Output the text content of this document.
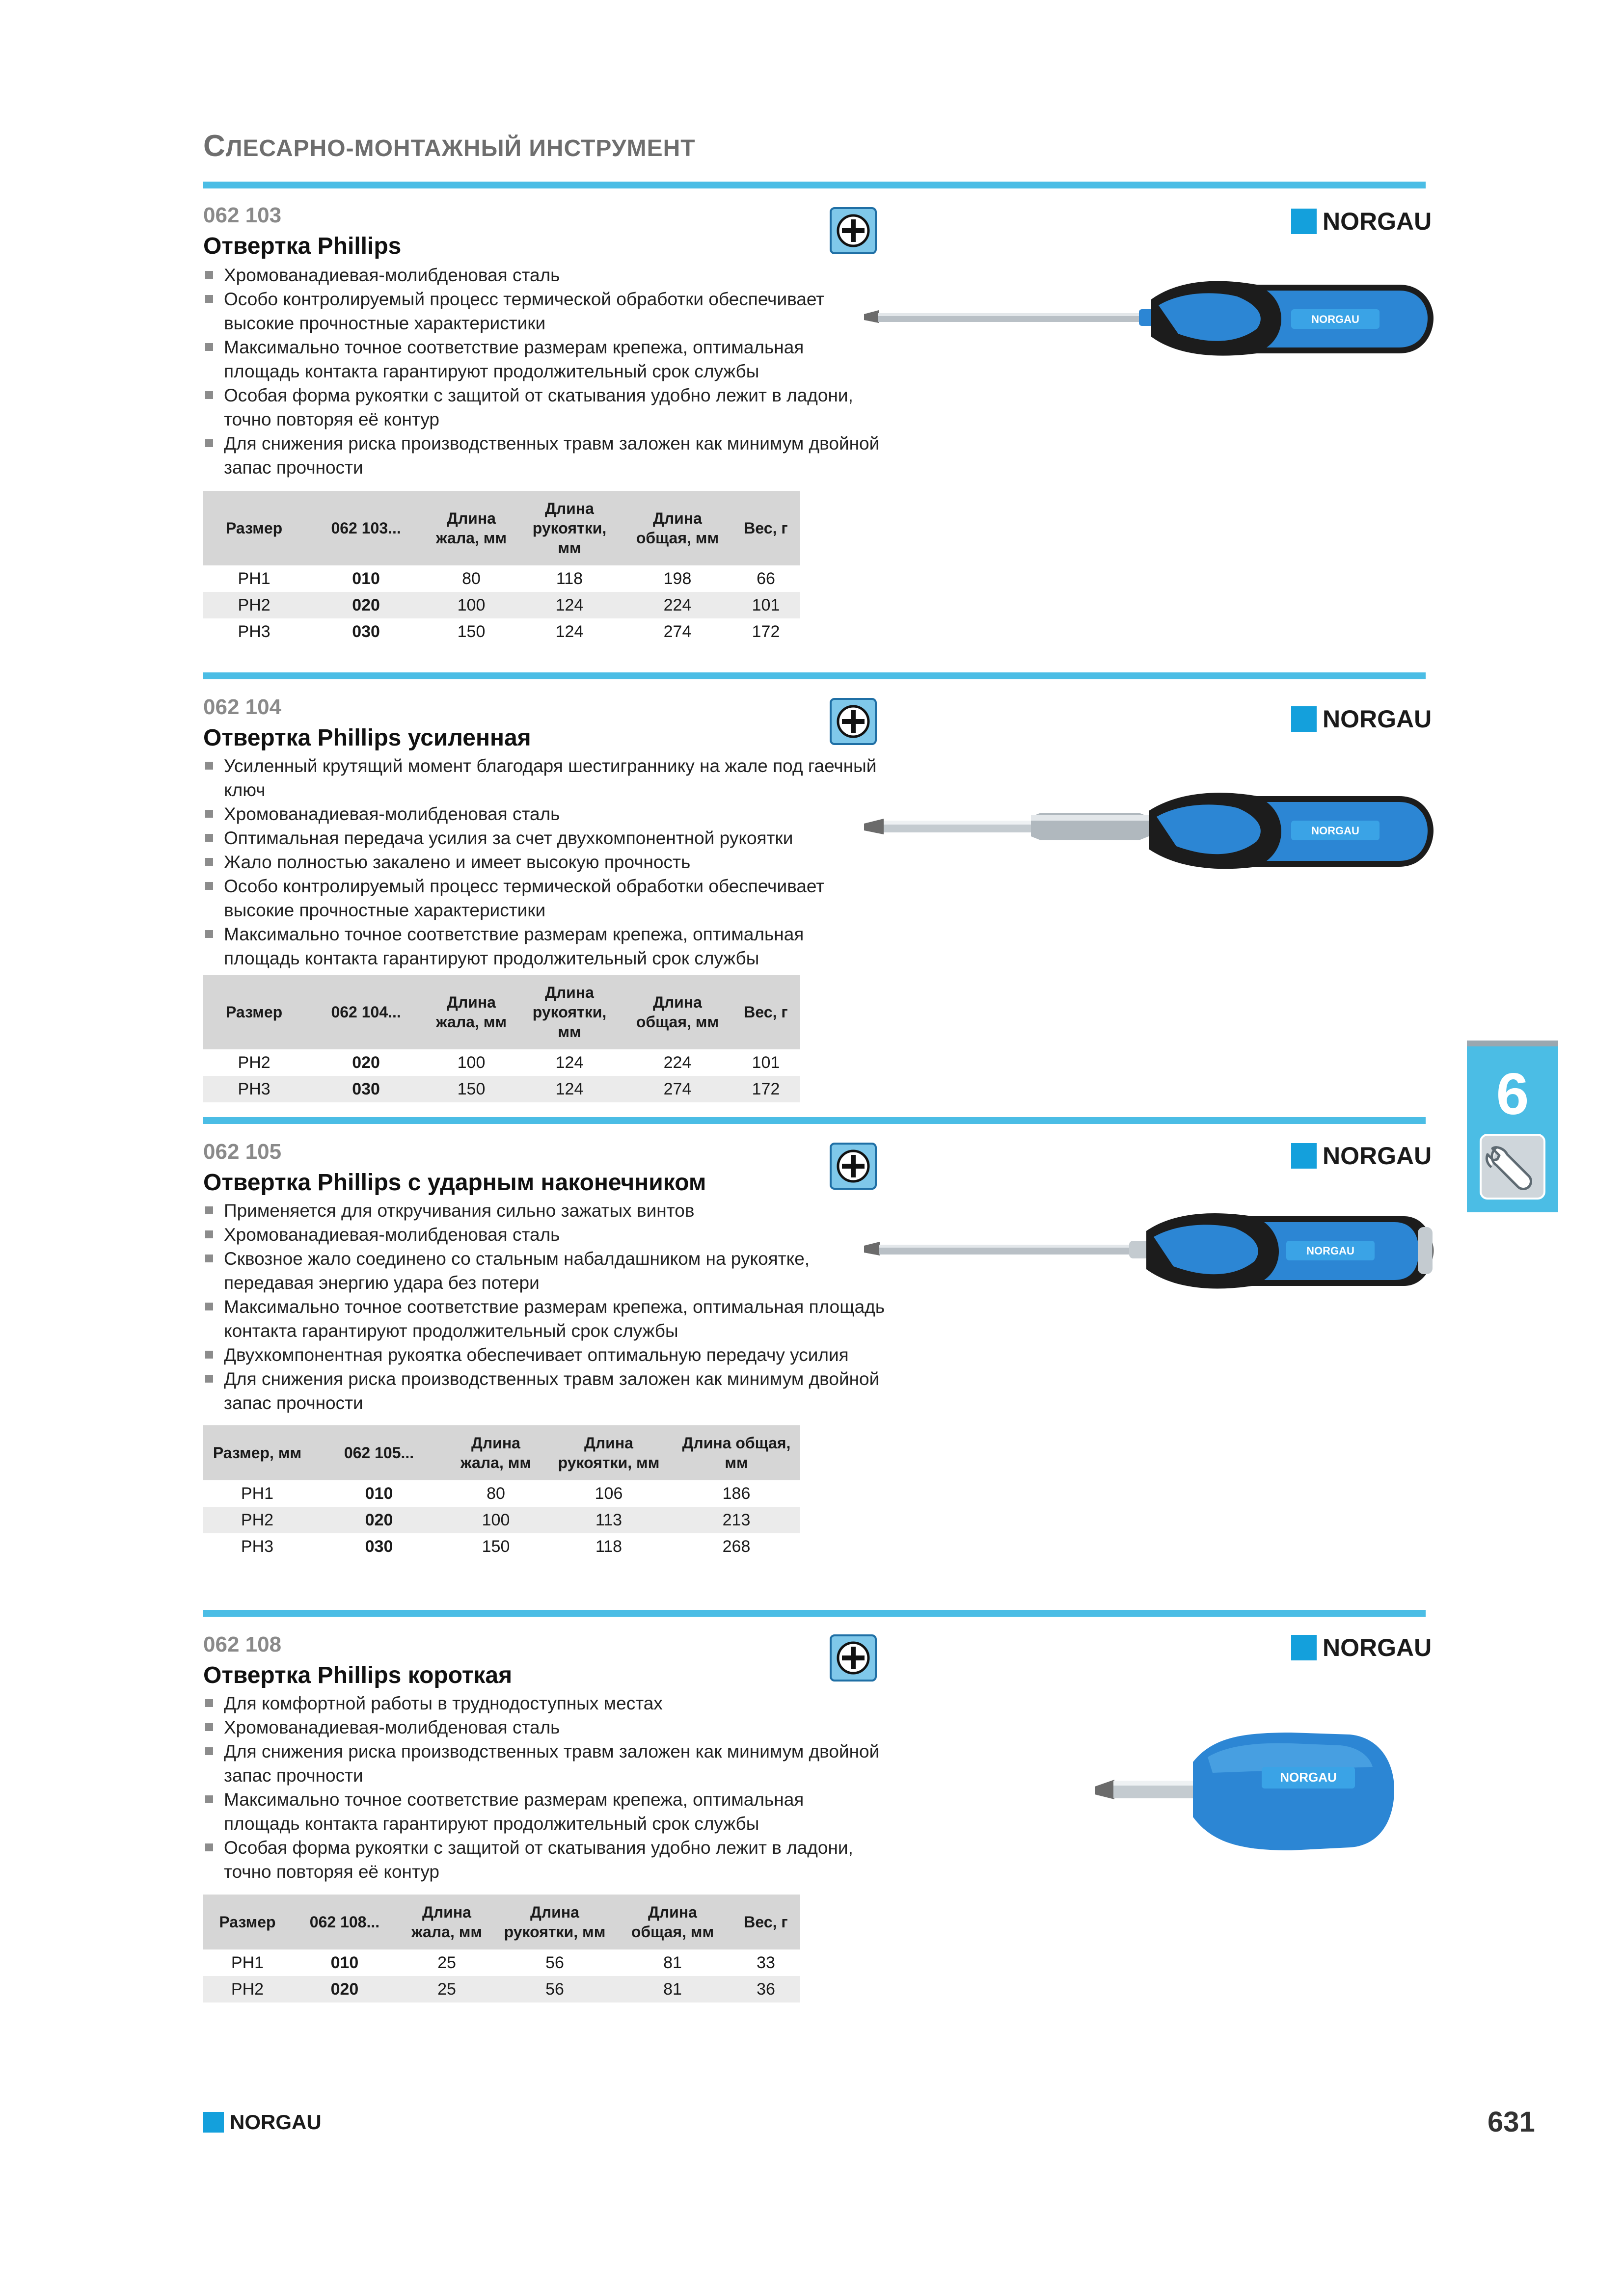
СЛЕСАРНО-МОНТАЖНЫЙ ИНСТРУМЕНТ
062 103
Отвертка Phillips
Хромованадиевая-молибденовая сталь
Особо контролируемый процесс термической обработки обеспечивает высокие прочностные характеристики
Максимально точное соответствие размерам крепежа, оптимальная площадь контакта гарантируют продолжительный срок службы
Особая форма рукоятки с защитой от скатывания удобно лежит в ладони, точно повторяя её контур
Для снижения риска производственных травм заложен как минимум двойной запас прочности
NORGAU
NORGAU
Размер	062 103...	Длина жала, мм	Длина рукоятки, мм	Длина общая, мм	Вес, г
PH1	010	80	118	198	66
PH2	020	100	124	224	101
PH3	030	150	124	274	172
062 104
Отвертка Phillips усиленная
Усиленный крутящий момент благодаря шестиграннику на жале под гаечный ключ
Хромованадиевая-молибденовая сталь
Оптимальная передача усилия за счет двухкомпонентной рукоятки
Жало полностью закалено и имеет высокую прочность
Особо контролируемый процесс термической обработки обеспечивает высокие прочностные характеристики
Максимально точное соответствие размерам крепежа, оптимальная площадь контакта гарантируют продолжительный срок службы
NORGAU
NORGAU
Размер	062 104...	Длина жала, мм	Длина рукоятки, мм	Длина общая, мм	Вес, г
PH2	020	100	124	224	101
PH3	030	150	124	274	172
062 105
Отвертка Phillips с ударным наконечником
Применяется для откручивания сильно зажатых винтов
Хромованадиевая-молибденовая сталь
Сквозное жало соединено со стальным набалдашником на рукоятке, передавая энергию удара без потери
Максимально точное соответствие размерам крепежа, оптимальная площадь контакта гарантируют продолжительный срок службы
Двухкомпонентная рукоятка обеспечивает оптимальную передачу усилия
Для снижения риска производственных травм заложен как минимум двойной запас прочности
NORGAU
NORGAU
Размер, мм	062 105...	Длина жала, мм	Длина рукоятки, мм	Длина общая, мм
PH1	010	80	106	186
PH2	020	100	113	213
PH3	030	150	118	268
062 108
Отвертка Phillips короткая
Для комфортной работы в труднодоступных местах
Хромованадиевая-молибденовая сталь
Для снижения риска производственных травм заложен как минимум двойной запас прочности
Максимально точное соответствие размерам крепежа, оптимальная площадь контакта гарантируют продолжительный срок службы
Особая форма рукоятки с защитой от скатывания удобно лежит в ладони, точно повторяя её контур
NORGAU
NORGAU
Размер	062 108...	Длина жала, мм	Длина рукоятки, мм	Длина общая, мм	Вес, г
PH1	010	25	56	81	33
PH2	020	25	56	81	36
6
NORGAU	631
